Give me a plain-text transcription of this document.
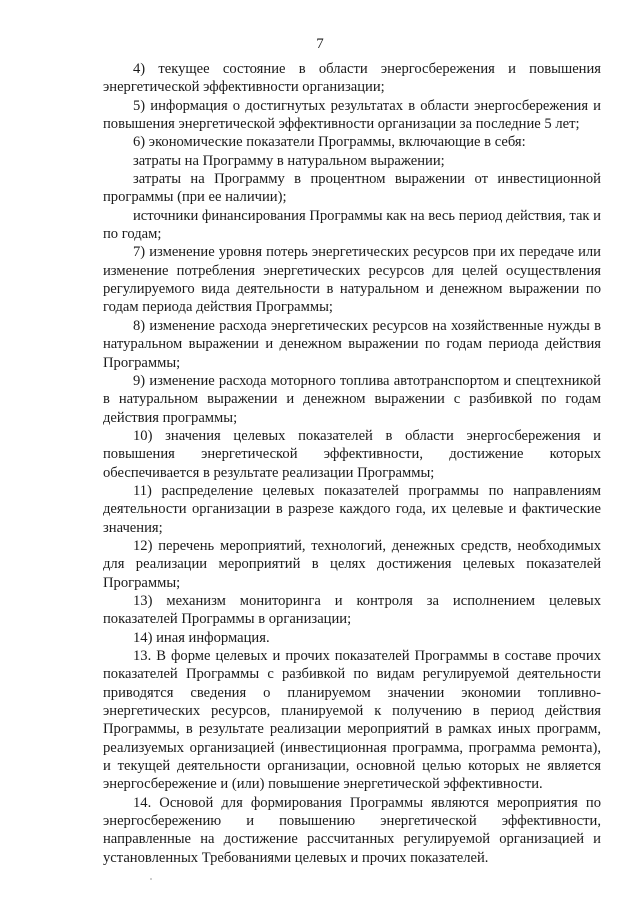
7

4) текущее состояние в области энергосбережения и повышения энергетической эффективности организации;

5) информация о достигнутых результатах в области энергосбережения и повышения энергетической эффективности организации за последние 5 лет;

6) экономические показатели Программы, включающие в себя:

затраты на Программу в натуральном выражении;

затраты на Программу в процентном выражении от инвестиционной программы (при ее наличии);

источники финансирования Программы как на весь период действия, так и по годам;

7) изменение уровня потерь энергетических ресурсов при их передаче или изменение потребления энергетических ресурсов для целей осуществления регулируемого вида деятельности в натуральном и денежном выражении по годам периода действия Программы;

8) изменение расхода энергетических ресурсов на хозяйственные нужды в натуральном выражении и денежном выражении по годам периода действия Программы;

9) изменение расхода моторного топлива автотранспортом и спецтехникой в натуральном выражении и денежном выражении с разбивкой по годам действия программы;

10) значения целевых показателей в области энергосбережения и повышения энергетической эффективности, достижение которых обеспечивается в результате реализации Программы;

11) распределение целевых показателей программы по направлениям деятельности организации в разрезе каждого года, их целевые и фактические значения;

12) перечень мероприятий, технологий, денежных средств, необходимых для реализации мероприятий в целях достижения целевых показателей Программы;

13) механизм мониторинга и контроля за исполнением целевых показателей Программы в организации;

14) иная информация.

13. В форме целевых и прочих показателей Программы в составе прочих показателей Программы с разбивкой по видам регулируемой деятельности приводятся сведения о планируемом значении экономии топливно-энергетических ресурсов, планируемой к получению в период действия Программы, в результате реализации мероприятий в рамках иных программ, реализуемых организацией (инвестиционная программа, программа ремонта), и текущей деятельности организации, основной целью которых не является энергосбережение и (или) повышение энергетической эффективности.

14. Основой для формирования Программы являются мероприятия по энергосбережению и повышению энергетической эффективности, направленные на достижение рассчитанных регулируемой организацией и установленных Требованиями целевых и прочих показателей.
